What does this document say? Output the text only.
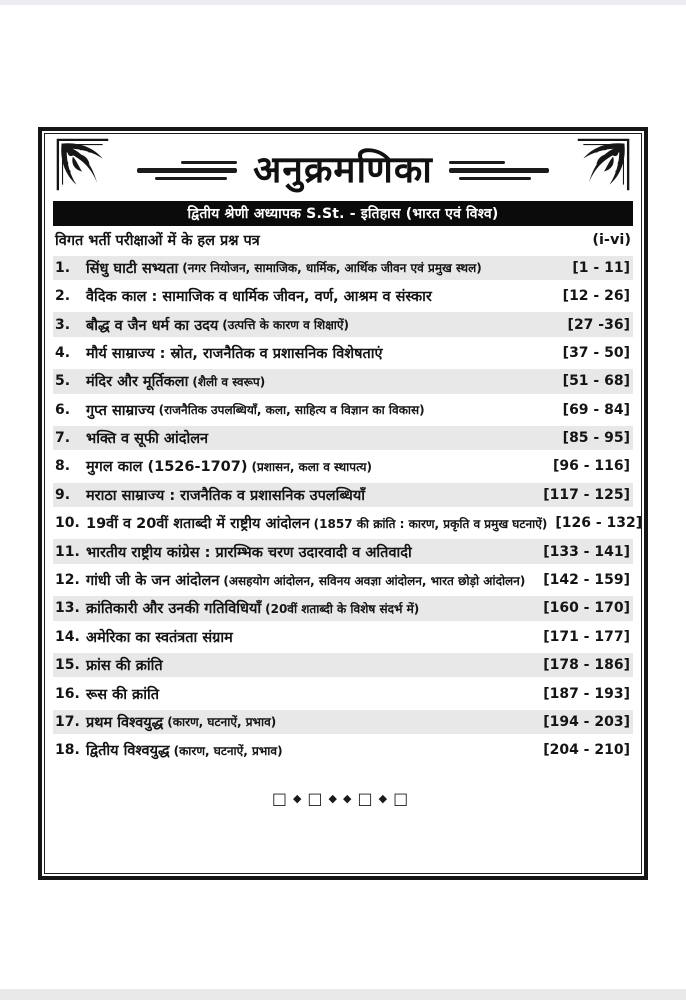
अनुक्रमणिका
द्वितीय श्रेणी अध्यापक S.St. - इतिहास (भारत एवं विश्व)
विगत भर्ती परीक्षाओं में के हल प्रश्न पत्र	(i-vi)
1.	सिंधु घाटी सभ्यता (नगर नियोजन, सामाजिक, धार्मिक, आर्थिक जीवन एवं प्रमुख स्थल)	[1 - 11]
2.	वैदिक काल : सामाजिक व धार्मिक जीवन, वर्ण, आश्रम व संस्कार	[12 - 26]
3.	बौद्ध व जैन धर्म का उदय (उत्पत्ति के कारण व शिक्षाऐं)	[27 -36]
4.	मौर्य साम्राज्य : स्रोत, राजनैतिक व प्रशासनिक विशेषताएं	[37 - 50]
5.	मंदिर और मूर्तिकला (शैली व स्वरूप)	[51 - 68]
6.	गुप्त साम्राज्य (राजनैतिक उपलब्धियाँ, कला, साहित्य व विज्ञान का विकास)	[69 - 84]
7.	भक्ति व सूफी आंदोलन	[85 - 95]
8.	मुगल काल (1526-1707) (प्रशासन, कला व स्थापत्य)	[96 - 116]
9.	मराठा साम्राज्य : राजनैतिक व प्रशासनिक उपलब्धियाँ	[117 - 125]
10. 19वीं व 20वीं शताब्दी में राष्ट्रीय आंदोलन (1857 की क्रांति : कारण, प्रकृति व प्रमुख घटनाऐं) [126 - 132]
11. भारतीय राष्ट्रीय कांग्रेस : प्रारम्भिक चरण उदारवादी व अतिवादी	[133 - 141]
12. गांधी जी के जन आंदोलन (असहयोग आंदोलन, सविनय अवज्ञा आंदोलन, भारत छोड़ो आंदोलन)	[142 - 159]
13. क्रांतिकारी और उनकी गतिविधियाँ (20वीं शताब्दी के विशेष संदर्भ में)	[160 - 170]
14. अमेरिका का स्वतंत्रता संग्राम	[171 - 177]
15. फ्रांस की क्रांति	[178 - 186]
16. रूस की क्रांति	[187 - 193]
17. प्रथम विश्वयुद्ध (कारण, घटनाऐं, प्रभाव)	[194 - 203]
18. द्वितीय विश्वयुद्ध (कारण, घटनाऐं, प्रभाव)	[204 - 210]
□◆□◆◆□◆□
